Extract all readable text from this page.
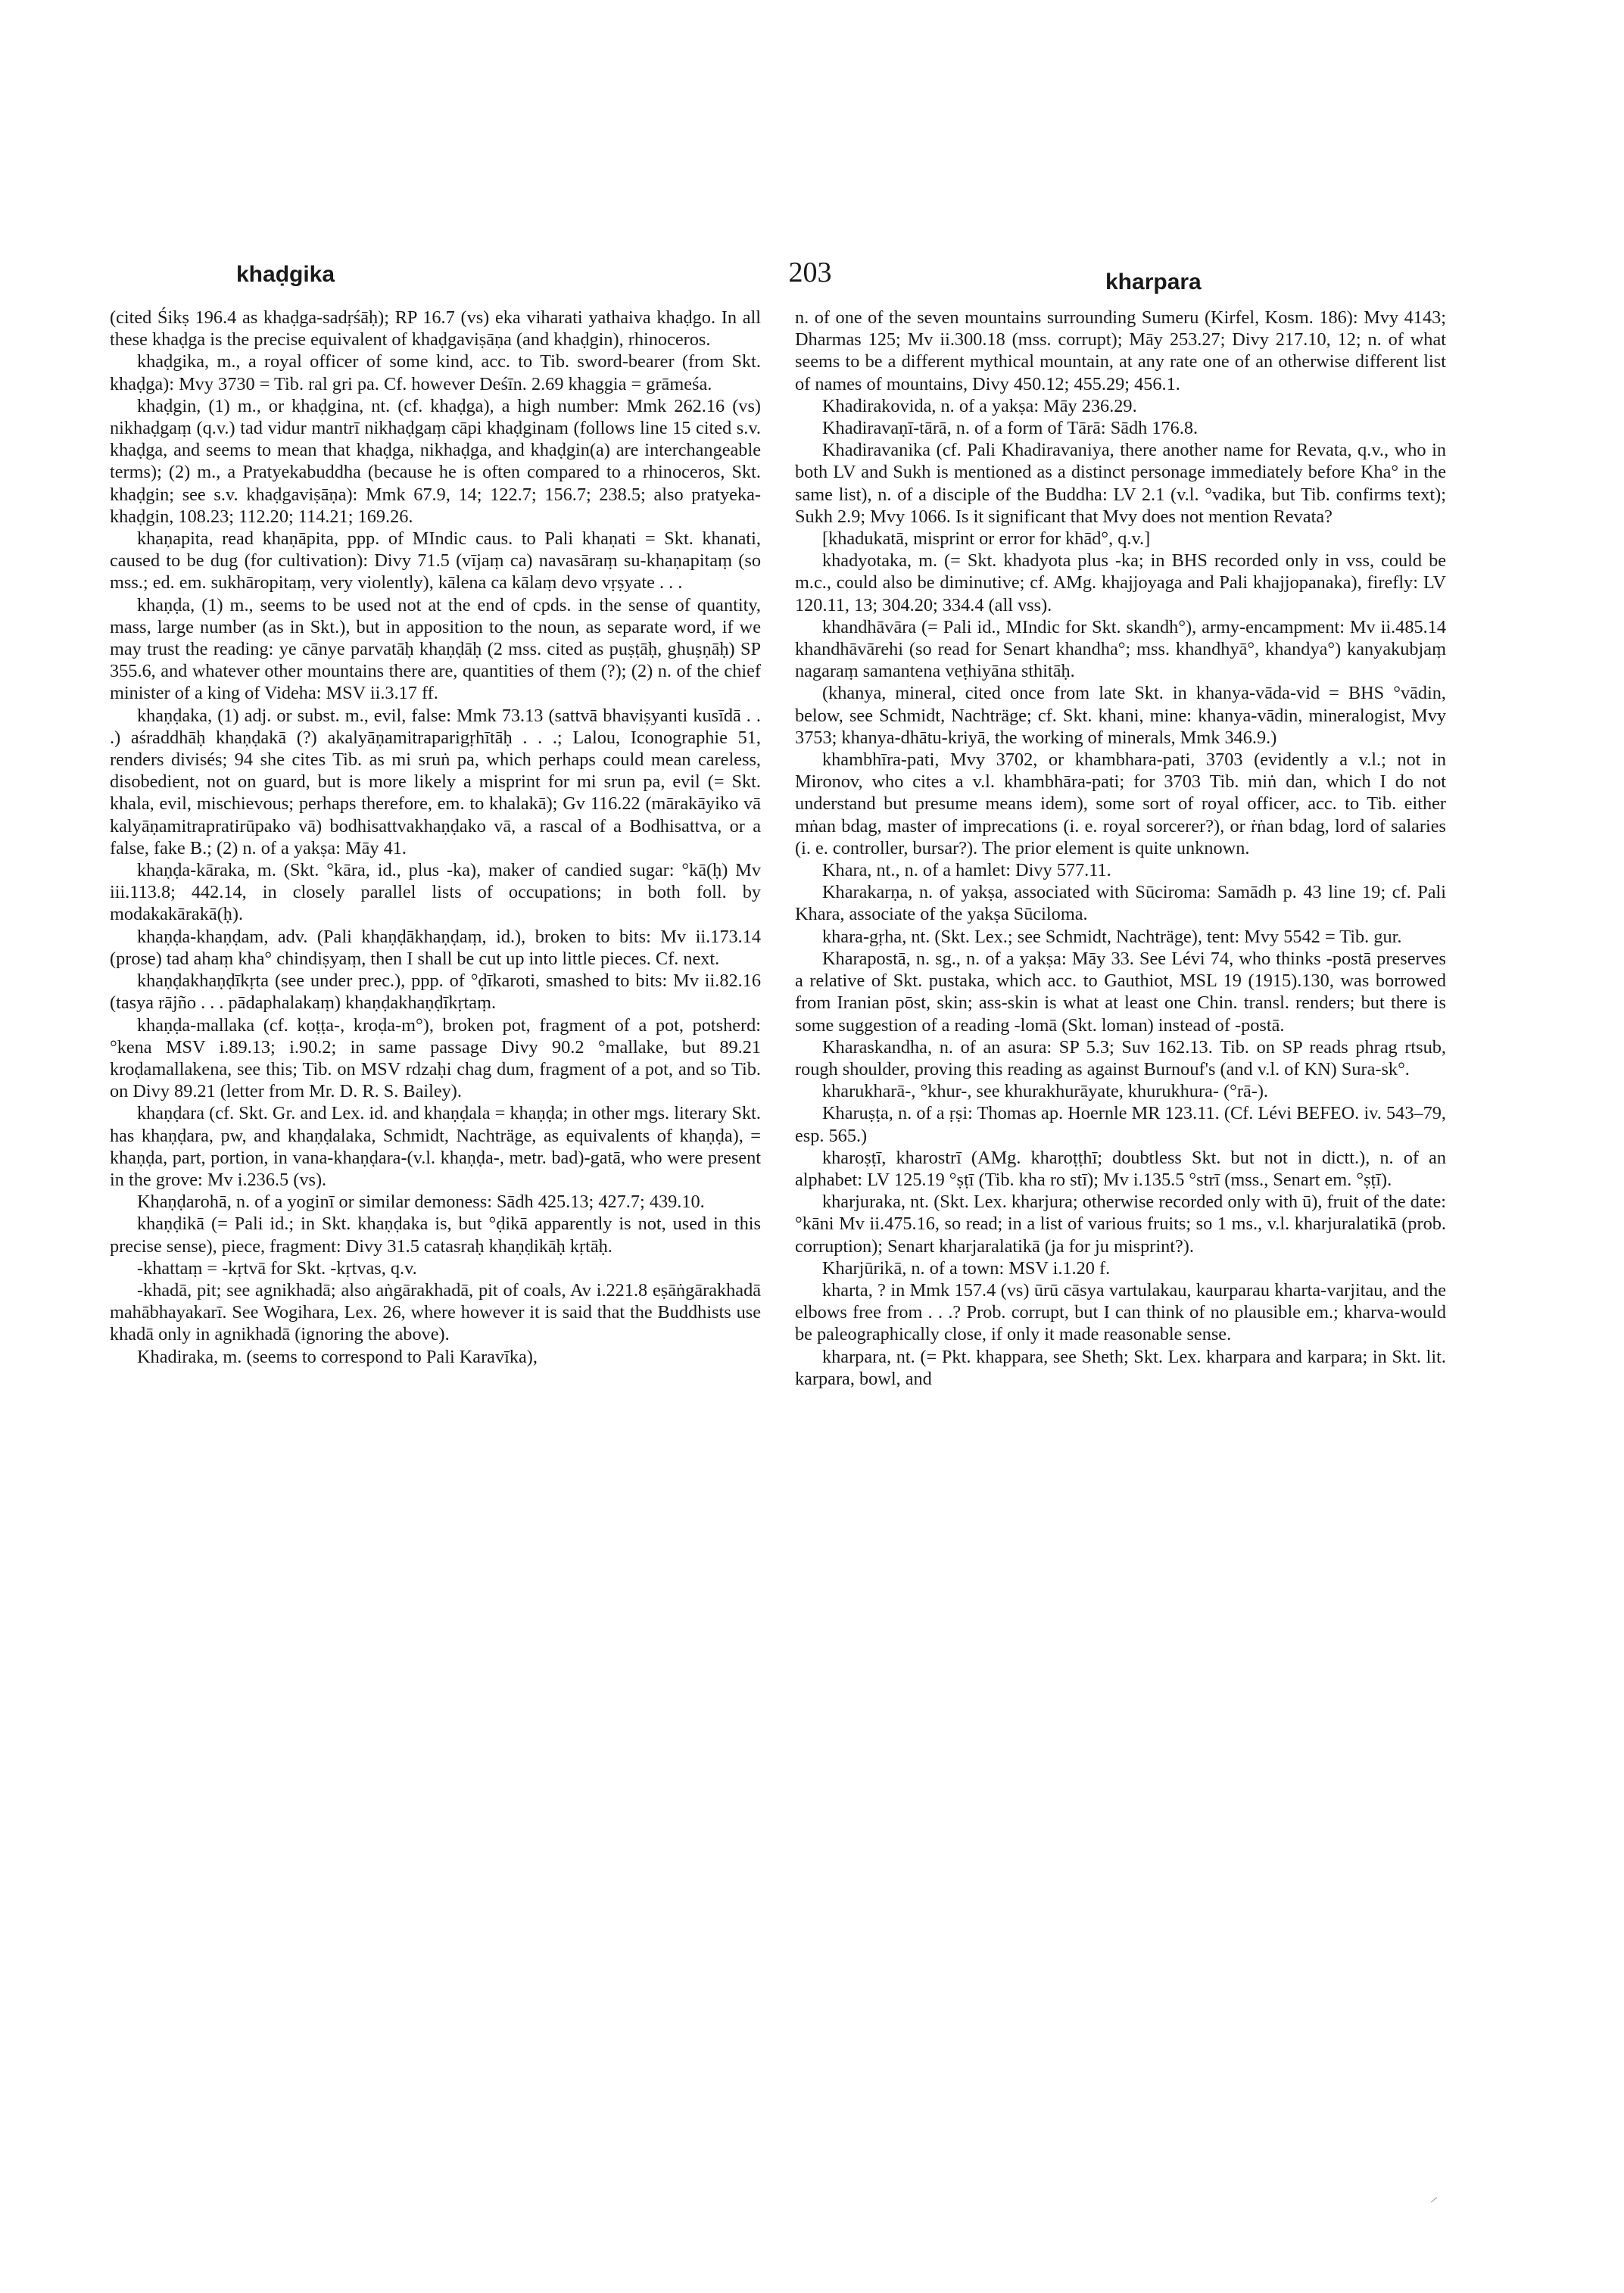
khaḍgika	203	kharpara

(cited Śikṣ 196.4 as khaḍga-sadṛśāḥ); RP 16.7 (vs) eka viharati yathaiva khaḍgo. In all these khaḍga is the precise equivalent of khaḍgaviṣāṇa (and khaḍgin), rhinoceros.

khaḍgika, m., a royal officer of some kind, acc. to Tib. sword-bearer (from Skt. khaḍga): Mvy 3730 = Tib. ral gri pa. Cf. however Deśīn. 2.69 khaggia = grāmeśa.

khaḍgin, (1) m., or khaḍgina, nt. (cf. khaḍga), a high number: Mmk 262.16 (vs) nikhaḍgaṃ (q.v.) tad vidur mantrī nikhaḍgaṃ cāpi khaḍginam (follows line 15 cited s.v. khaḍga, and seems to mean that khaḍga, nikhaḍga, and khaḍgin(a) are interchangeable terms); (2) m., a Pratyekabuddha (because he is often compared to a rhinoceros, Skt. khaḍgin; see s.v. khaḍgaviṣāṇa): Mmk 67.9, 14; 122.7; 156.7; 238.5; also pratyeka-khaḍgin, 108.23; 112.20; 114.21; 169.26.

khaṇapita, read khaṇāpita, ppp. of MIndic caus. to Pali khaṇati = Skt. khanati, caused to be dug (for cultivation): Divy 71.5 (vījaṃ ca) navasāraṃ su-khaṇapitaṃ (so mss.; ed. em. sukhāropitaṃ, very violently), kālena ca kālaṃ devo vṛṣyate . . .

khaṇḍa, (1) m., seems to be used not at the end of cpds. in the sense of quantity, mass, large number (as in Skt.), but in apposition to the noun, as separate word, if we may trust the reading: ye cānye parvatāḥ khaṇḍāḥ (2 mss. cited as puṣṭāḥ, ghuṣṇāḥ) SP 355.6, and whatever other mountains there are, quantities of them (?); (2) n. of the chief minister of a king of Videha: MSV ii.3.17 ff.

khaṇḍaka, (1) adj. or subst. m., evil, false: Mmk 73.13 (sattvā bhaviṣyanti kusīdā . . .) aśraddhāḥ khaṇḍakā (?) akalyāṇamitraparigṛhītāḥ . . .; Lalou, Iconographie 51, renders divisés; 94 she cites Tib. as mi sruṅ pa, which perhaps could mean careless, disobedient, not on guard, but is more likely a misprint for mi srun pa, evil (= Skt. khala, evil, mischievous; perhaps therefore, em. to khalakā); Gv 116.22 (mārakāyiko vā kalyāṇamitrapratirūpako vā) bodhisattvakhaṇḍako vā, a rascal of a Bodhisattva, or a false, fake B.; (2) n. of a yakṣa: Māy 41.

khaṇḍa-kāraka, m. (Skt. °kāra, id., plus -ka), maker of candied sugar: °kā(ḥ) Mv iii.113.8; 442.14, in closely parallel lists of occupations; in both foll. by modakakārakā(ḥ).

khaṇḍa-khaṇḍam, adv. (Pali khaṇḍākhaṇḍaṃ, id.), broken to bits: Mv ii.173.14 (prose) tad ahaṃ kha° chindiṣyaṃ, then I shall be cut up into little pieces. Cf. next.

khaṇḍakhaṇḍīkṛta (see under prec.), ppp. of °ḍīkaroti, smashed to bits: Mv ii.82.16 (tasya rājño . . . pādaphalakaṃ) khaṇḍakhaṇḍīkṛtaṃ.

khaṇḍa-mallaka (cf. koṭṭa-, kroḍa-m°), broken pot, fragment of a pot, potsherd: °kena MSV i.89.13; i.90.2; in same passage Divy 90.2 °mallake, but 89.21 kroḍamallakena, see this; Tib. on MSV rdzaḥi chag dum, fragment of a pot, and so Tib. on Divy 89.21 (letter from Mr. D. R. S. Bailey).

khaṇḍara (cf. Skt. Gr. and Lex. id. and khaṇḍala = khaṇḍa; in other mgs. literary Skt. has khaṇḍara, pw, and khaṇḍalaka, Schmidt, Nachträge, as equivalents of khaṇḍa), = khaṇḍa, part, portion, in vana-khaṇḍara-(v.l. khaṇḍa-, metr. bad)-gatā, who were present in the grove: Mv i.236.5 (vs).

Khaṇḍarohā, n. of a yoginī or similar demoness: Sādh 425.13; 427.7; 439.10.

khaṇḍikā (= Pali id.; in Skt. khaṇḍaka is, but °ḍikā apparently is not, used in this precise sense), piece, fragment: Divy 31.5 catasraḥ khaṇḍikāḥ kṛtāḥ.

-khattaṃ = -kṛtvā for Skt. -kṛtvas, q.v.

-khadā, pit; see agnikhadā; also aṅgārakhadā, pit of coals, Av i.221.8 eṣāṅgārakhadā mahābhayakarī. See Wogihara, Lex. 26, where however it is said that the Buddhists use khadā only in agnikhadā (ignoring the above).

Khadiraka, m. (seems to correspond to Pali Karavīka),

n. of one of the seven mountains surrounding Sumeru (Kirfel, Kosm. 186): Mvy 4143; Dharmas 125; Mv ii.300.18 (mss. corrupt); Māy 253.27; Divy 217.10, 12; n. of what seems to be a different mythical mountain, at any rate one of an otherwise different list of names of mountains, Divy 450.12; 455.29; 456.1.

Khadirakovida, n. of a yakṣa: Māy 236.29.

Khadiravaṇī-tārā, n. of a form of Tārā: Sādh 176.8.

Khadiravanika (cf. Pali Khadiravaniya, there another name for Revata, q.v., who in both LV and Sukh is mentioned as a distinct personage immediately before Kha° in the same list), n. of a disciple of the Buddha: LV 2.1 (v.l. °vadika, but Tib. confirms text); Sukh 2.9; Mvy 1066. Is it significant that Mvy does not mention Revata?

[khadukatā, misprint or error for khād°, q.v.]

khadyotaka, m. (= Skt. khadyota plus -ka; in BHS recorded only in vss, could be m.c., could also be diminutive; cf. AMg. khajjoyaga and Pali khajjopanaka), firefly: LV 120.11, 13; 304.20; 334.4 (all vss).

khandhāvāra (= Pali id., MIndic for Skt. skandh°), army-encampment: Mv ii.485.14 khandhāvārehi (so read for Senart khandha°; mss. khandhyā°, khandya°) kanyakubjaṃ nagaraṃ samantena veṭhiyāna sthitāḥ.

(khanya, mineral, cited once from late Skt. in khanya-vāda-vid = BHS °vādin, below, see Schmidt, Nachträge; cf. Skt. khani, mine: khanya-vādin, mineralogist, Mvy 3753; khanya-dhātu-kriyā, the working of minerals, Mmk 346.9.)

khambhīra-pati, Mvy 3702, or khambhara-pati, 3703 (evidently a v.l.; not in Mironov, who cites a v.l. khambhāra-pati; for 3703 Tib. miṅ dan, which I do not understand but presume means idem), some sort of royal officer, acc. to Tib. either mṅan bdag, master of imprecations (i. e. royal sorcerer?), or ṙṅan bdag, lord of salaries (i. e. controller, bursar?). The prior element is quite unknown.

Khara, nt., n. of a hamlet: Divy 577.11.

Kharakarṇa, n. of yakṣa, associated with Sūciroma: Samādh p. 43 line 19; cf. Pali Khara, associate of the yakṣa Sūciloma.

khara-gṛha, nt. (Skt. Lex.; see Schmidt, Nachträge), tent: Mvy 5542 = Tib. gur.

Kharapostā, n. sg., n. of a yakṣa: Māy 33. See Lévi 74, who thinks -postā preserves a relative of Skt. pustaka, which acc. to Gauthiot, MSL 19 (1915).130, was borrowed from Iranian pōst, skin; ass-skin is what at least one Chin. transl. renders; but there is some suggestion of a reading -lomā (Skt. loman) instead of -postā.

Kharaskandha, n. of an asura: SP 5.3; Suv 162.13. Tib. on SP reads phrag rtsub, rough shoulder, proving this reading as against Burnouf's (and v.l. of KN) Sura-sk°.

kharukharā-, °khur-, see khurakhurāyate, khurukhura- (°rā-).

Kharuṣṭa, n. of a ṛṣi: Thomas ap. Hoernle MR 123.11. (Cf. Lévi BEFEO. iv. 543–79, esp. 565.)

kharoṣṭī, kharostrī (AMg. kharoṭṭhī; doubtless Skt. but not in dictt.), n. of an alphabet: LV 125.19 °ṣṭī (Tib. kha ro stī); Mv i.135.5 °strī (mss., Senart em. °ṣṭī).

kharjuraka, nt. (Skt. Lex. kharjura; otherwise recorded only with ū), fruit of the date: °kāni Mv ii.475.16, so read; in a list of various fruits; so 1 ms., v.l. kharjuralatikā (prob. corruption); Senart kharjaralatikā (ja for ju misprint?).

Kharjūrikā, n. of a town: MSV i.1.20 f.

kharta, ? in Mmk 157.4 (vs) ūrū cāsya vartulakau, kaurparau kharta-varjitau, and the elbows free from . . .? Prob. corrupt, but I can think of no plausible em.; kharva-would be paleographically close, if only it made reasonable sense.

kharpara, nt. (= Pkt. khappara, see Sheth; Skt. Lex. kharpara and karpara; in Skt. lit. karpara, bowl, and
